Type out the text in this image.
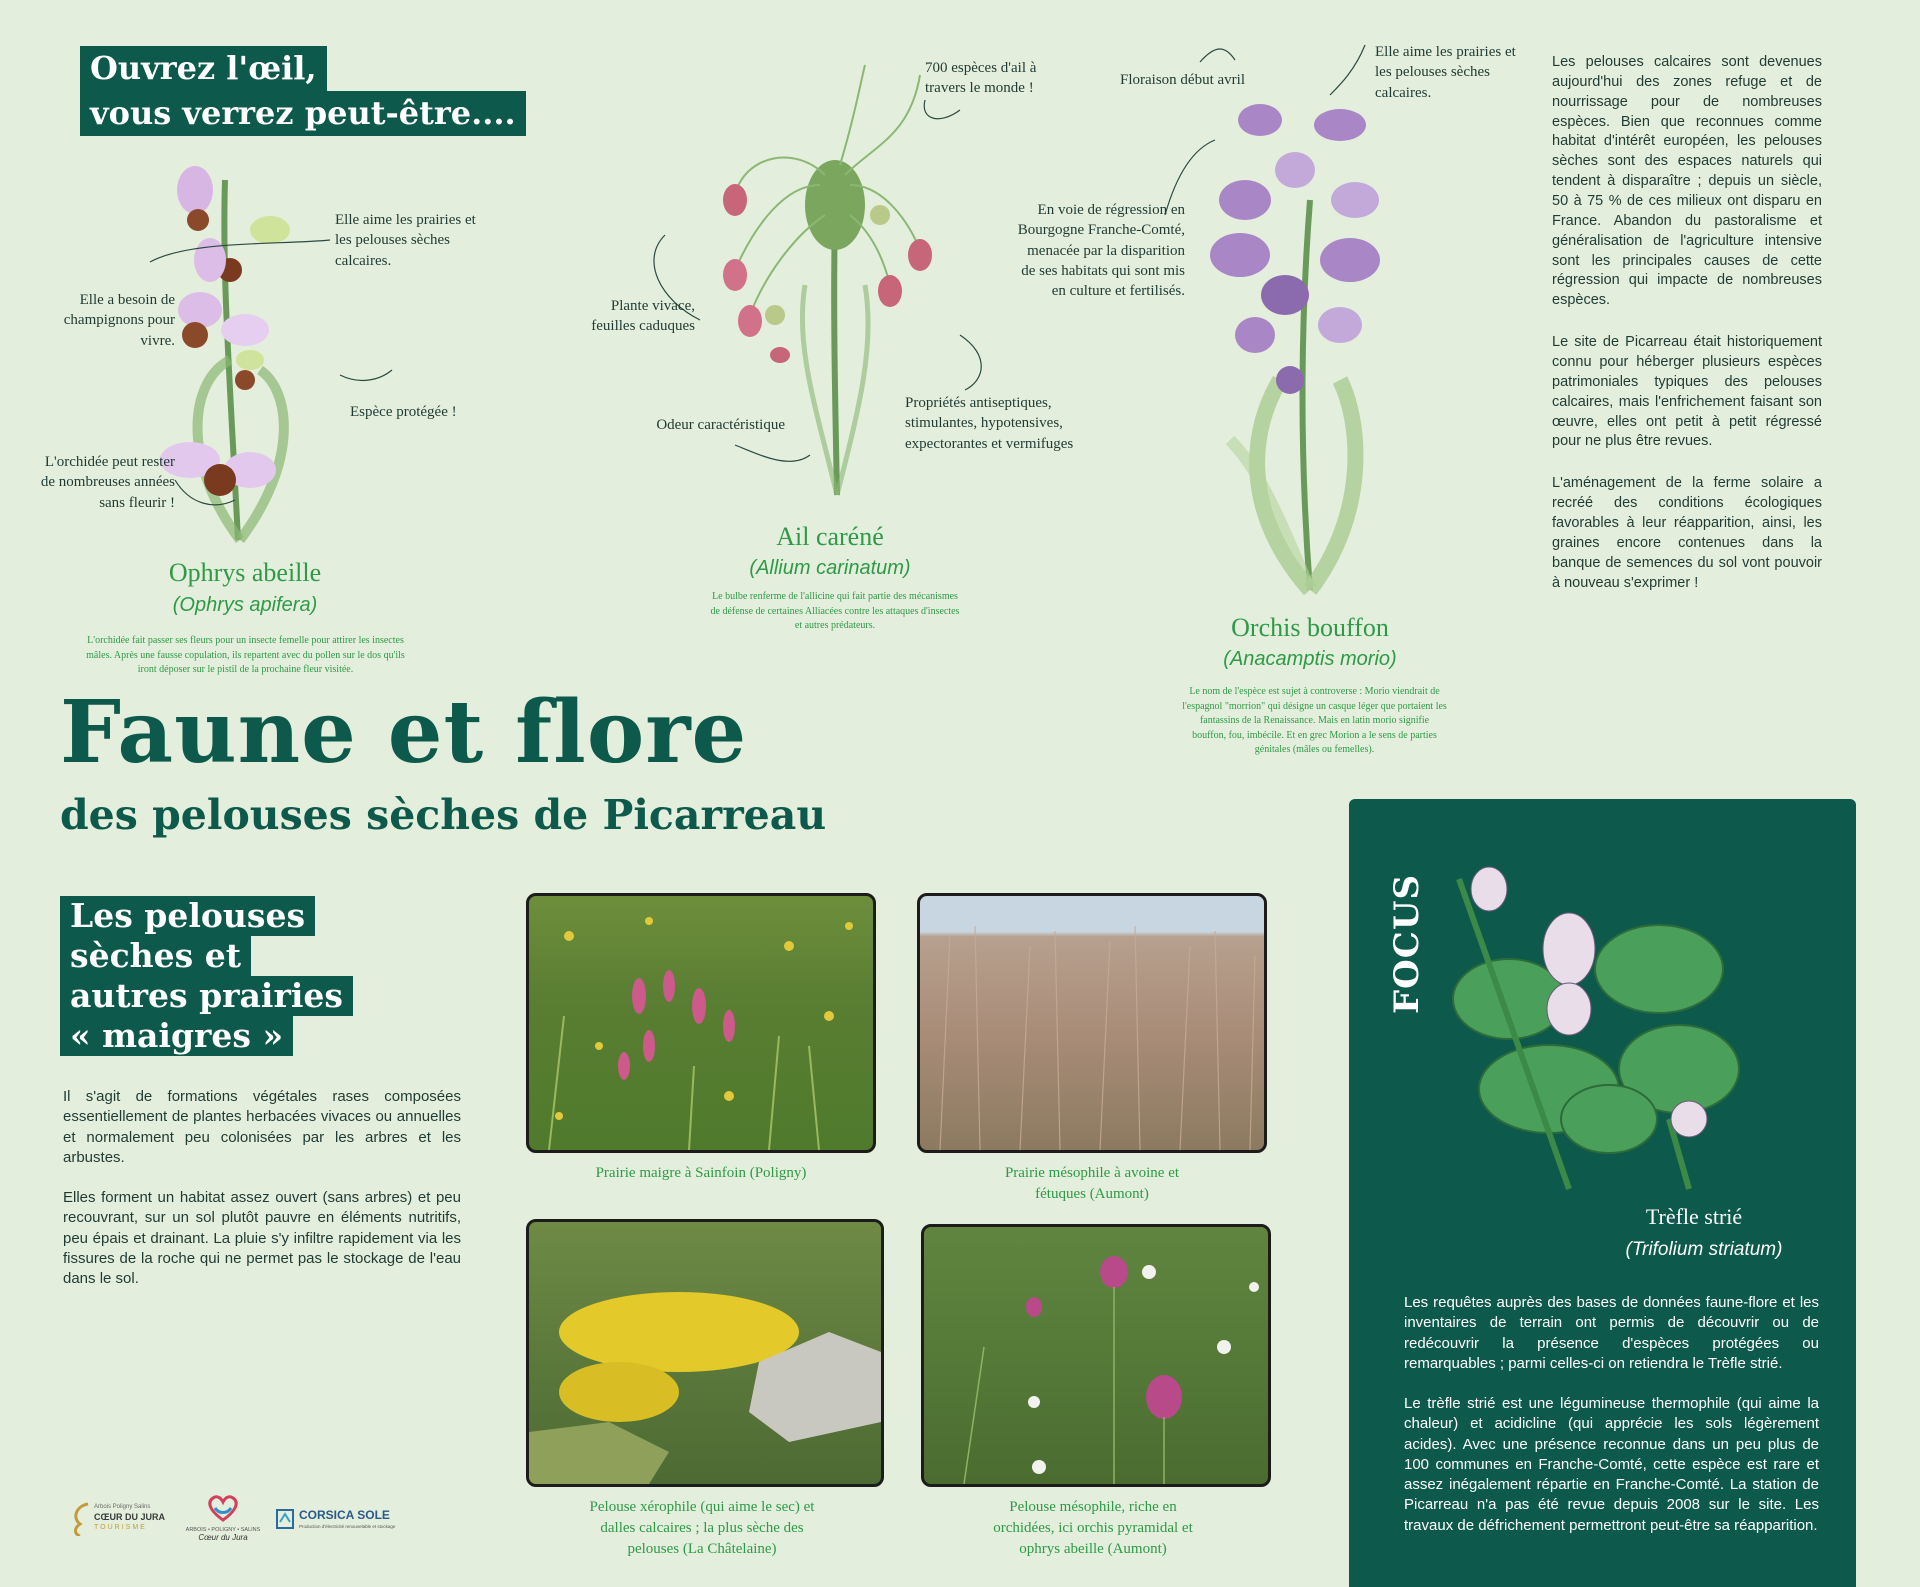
Ouvrez l'œil,
vous verrez peut-être....
Elle aime les prairies et les pelouses sèches calcaires.
Elle a besoin de champignons pour vivre.
Espèce protégée !
L'orchidée peut rester de nombreuses années sans fleurir !
Ophrys abeille
(Ophrys apifera)
L'orchidée fait passer ses fleurs pour un insecte femelle pour attirer les insectes mâles. Après une fausse copulation, ils repartent avec du pollen sur le dos qu'ils iront déposer sur le pistil de la prochaine fleur visitée.
700 espèces d'ail à travers le monde !
Plante vivace, feuilles caduques
Odeur caractéristique
Propriétés antiseptiques, stimulantes, hypotensives, expectorantes et vermifuges
Ail caréné
(Allium carinatum)
Le bulbe renferme de l'allicine qui fait partie des mécanismes de défense de certaines Alliacées contre les attaques d'insectes et autres prédateurs.
Floraison début avril
Elle aime les prairies et les pelouses sèches calcaires.
En voie de régression en Bourgogne Franche-Comté, menacée par la disparition de ses habitats qui sont mis en culture et fertilisés.
Orchis bouffon
(Anacamptis morio)
Le nom de l'espèce est sujet à controverse : Morio viendrait de l'espagnol "morrion" qui désigne un casque léger que portaient les fantassins de la Renaissance. Mais en latin morio signifie bouffon, fou, imbécile. Et en grec Morion a le sens de parties génitales (mâles ou femelles).

Les pelouses calcaires sont devenues aujourd'hui des zones refuge et de nourrissage pour de nombreuses espèces. Bien que reconnues comme habitat d'intérêt européen, les pelouses sèches sont des espaces naturels qui tendent à disparaître ; depuis un siècle, 50 à 75 % de ces milieux ont disparu en France. Abandon du pastoralisme et généralisation de l'agriculture intensive sont les principales causes de cette régression qui impacte de nombreuses espèces.

Le site de Picarreau était historiquement connu pour héberger plusieurs espèces patrimoniales typiques des pelouses calcaires, mais l'enfrichement faisant son œuvre, elles ont petit à petit régressé pour ne plus être revues.

L'aménagement de la ferme solaire a recréé des conditions écologiques favorables à leur réapparition, ainsi, les graines encore contenues dans la banque de semences du sol vont pouvoir à nouveau s'exprimer !

Faune et flore
des pelouses sèches de Picarreau
Les pelouses
sèches et
autres prairies
« maigres »

Il s'agit de formations végétales rases composées essentiellement de plantes herbacées vivaces ou annuelles et normalement peu colonisées par les arbres et les arbustes.

Elles forment un habitat assez ouvert (sans arbres) et peu recouvrant, sur un sol plutôt pauvre en éléments nutritifs, peu épais et drainant. La pluie s'y infiltre rapidement via les fissures de la roche qui ne permet pas le stockage de l'eau dans le sol.

Prairie maigre à Sainfoin (Poligny)	Prairie mésophile à avoine et
fétuques (Aumont)
Pelouse xérophile (qui aime le sec) et
dalles calcaires ; la plus sèche des
pelouses (La Châtelaine)
Pelouse mésophile, riche en
orchidées, ici orchis pyramidal et
ophrys abeille (Aumont)
Arbois Poligny Salins
CŒUR DU JURA
TOURISME	ARBOIS • POLIGNY • SALINS
Cœur du Jura
CORSICA SOLE
Production d'électricité renouvelable et stockage
FOCUS
Trèfle strié
(Trifolium striatum)

Les requêtes auprès des bases de données faune-flore et les inventaires de terrain ont permis de découvrir ou de redécouvrir la présence d'espèces protégées ou remarquables ; parmi celles-ci on retiendra le Trèfle strié.

Le trèfle strié est une légumineuse thermophile (qui aime la chaleur) et acidicline (qui apprécie les sols légèrement acides). Avec une présence reconnue dans un peu plus de 100 communes en Franche-Comté, cette espèce est rare et assez inégalement répartie en Franche-Comté. La station de Picarreau n'a pas été revue depuis 2008 sur le site. Les travaux de défrichement permettront peut-être sa réapparition.
